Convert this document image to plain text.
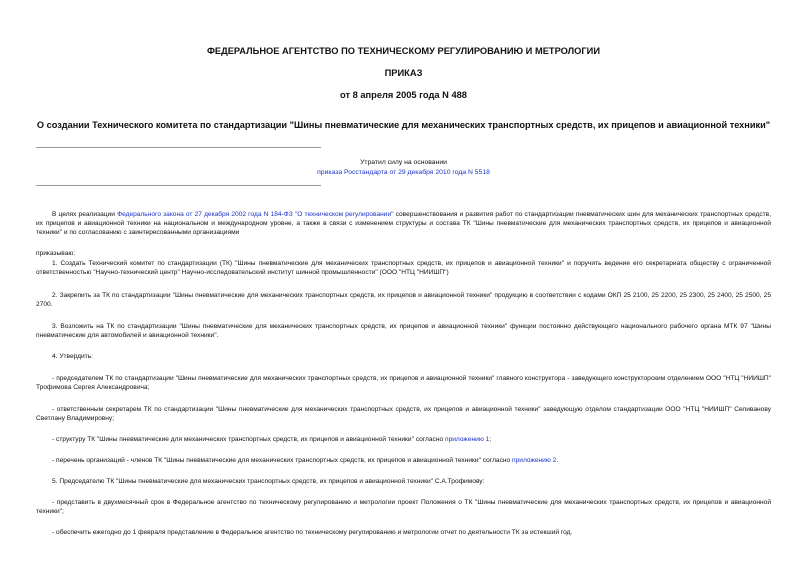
ФЕДЕРАЛЬНОЕ АГЕНТСТВО ПО ТЕХНИЧЕСКОМУ РЕГУЛИРОВАНИЮ И МЕТРОЛОГИИ
ПРИКАЗ
от 8 апреля 2005 года N 488
О создании Технического комитета по стандартизации "Шины пневматические для механических транспортных средств, их прицепов и авиационной техники"
Утратил силу на основании
приказа Росстандарта от 29 декабря 2010 года N 5518
В целях реализации Федерального закона от 27 декабря 2002 года N 184-ФЗ "О техническом регулировании" совершенствования и развития работ по стандартизации пневматических шин для механических транспортных средств, их прицепов и авиационной техники на национальном и международном уровне, а также в связи с изменением структуры и состава ТК "Шины пневматические для механических транспортных средств, их прицепов и авиационной техники" и по согласованию с заинтересованными организациями
приказываю:
1. Создать Технический комитет по стандартизации (ТК) "Шины пневматические для механических транспортных средств, их прицепов и авиационной техники" и поручить ведение его секретариата обществу с ограниченной ответственностью "Научно-технический центр" Научно-исследовательский институт шинной промышленности" (ООО "НТЦ "НИИШП")
2. Закрепить за ТК по стандартизации "Шины пневматические для механических транспортных средств, их прицепов и авиационной техники" продукцию в соответствии с кодами ОКП 25 2100, 25 2200, 25 2300, 25 2400, 25 2500, 25 2700.
3. Возложить на ТК по стандартизации "Шины пневматические для механических транспортных средств, их прицепов и авиационной техники" функции постоянно действующего национального рабочего органа МТК 97 "Шины пневматические для автомобилей и авиационной техники".
4. Утвердить:
- председателем ТК по стандартизации "Шины пневматические для механических транспортных средств, их прицепов и авиационной техники" главного конструктора - заведующего конструкторским отделением ООО "НТЦ "НИИШП" Трофимова Сергея Александровича;
- ответственным секретарем ТК по стандартизации "Шины пневматические для механических транспортных средств, их прицепов и авиационной техники" заведующую отделом стандартизации ООО "НТЦ "НИИШП" Селиванову Светлану Владимировну;
- структуру ТК "Шины пневматические для механических транспортных средств, их прицепов и авиационной техники" согласно приложению 1;
- перечень организаций - членов ТК "Шины пневматические для механических транспортных средств, их прицепов и авиационной техники" согласно приложению 2.
5. Председателю ТК "Шины пневматические для механических транспортных средств, их прицепов и авиационной техники" С.А.Трофимову:
- представить в двухмесячный срок в Федеральное агентство по техническому регулированию и метрологии проект Положения о ТК "Шины пневматические для механических транспортных средств, их прицепов и авиационной техники";
- обеспечить ежегодно до 1 февраля представление в Федеральное агентство по техническому регулированию и метрологии отчет по деятельности ТК за истекший год.
